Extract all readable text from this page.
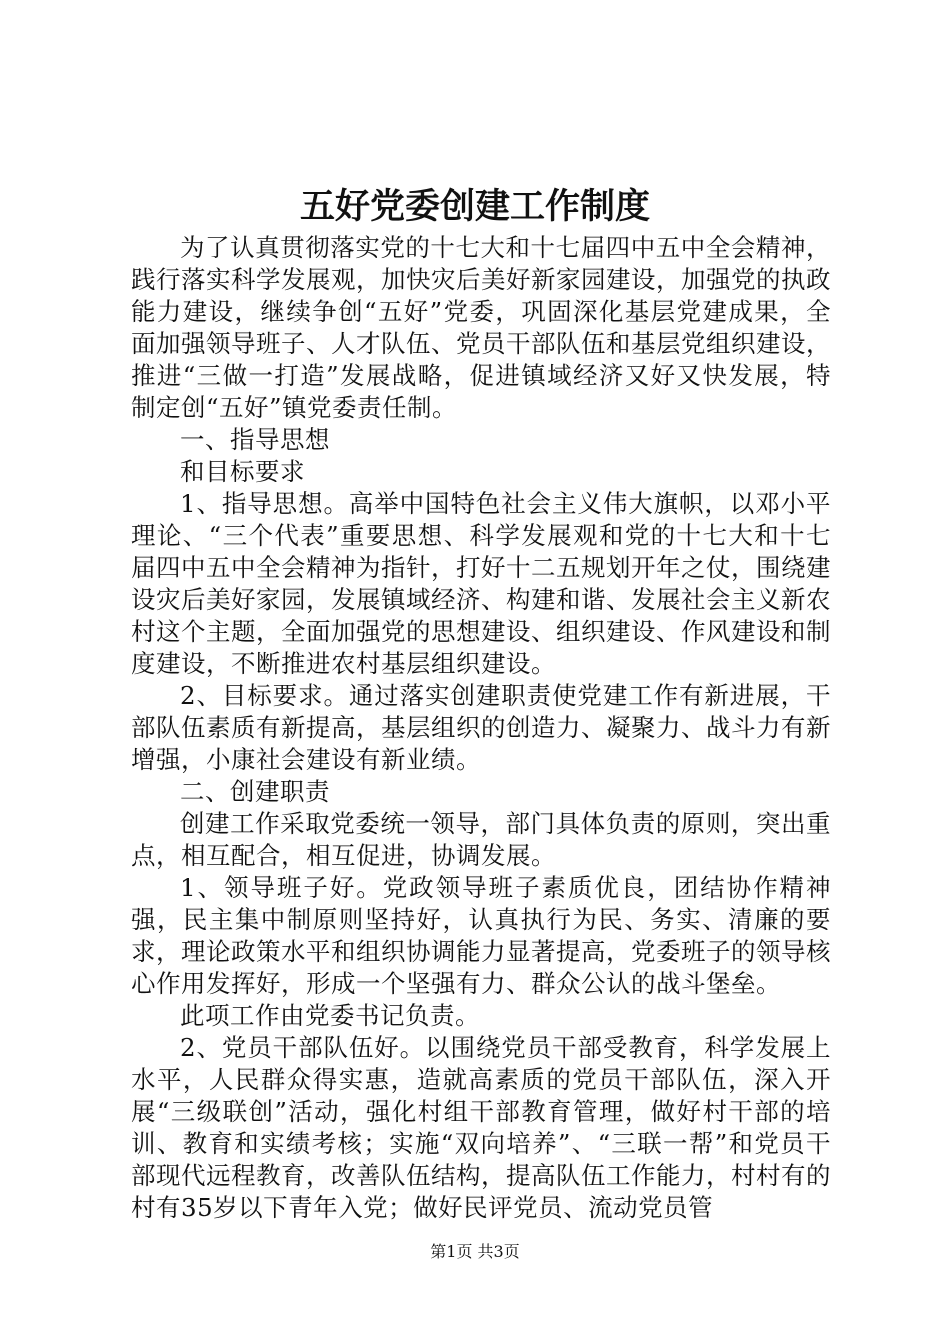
五好党委创建工作制度

为了认真贯彻落实党的十七大和十七届四中五中全会精神，践行落实科学发展观，加快灾后美好新家园建设，加强党的执政能力建设，继续争创“五好”党委，巩固深化基层党建成果，全面加强领导班子、人才队伍、党员干部队伍和基层党组织建设，推进“三做一打造”发展战略，促进镇域经济又好又快发展，特制定创“五好”镇党委责任制。

一、指导思想

和目标要求

1、指导思想。高举中国特色社会主义伟大旗帜，以邓小平理论、“三个代表”重要思想、科学发展观和党的十七大和十七届四中五中全会精神为指针，打好十二五规划开年之仗，围绕建设灾后美好家园，发展镇域经济、构建和谐、发展社会主义新农村这个主题，全面加强党的思想建设、组织建设、作风建设和制度建设，不断推进农村基层组织建设。

2、目标要求。通过落实创建职责使党建工作有新进展，干部队伍素质有新提高，基层组织的创造力、凝聚力、战斗力有新增强，小康社会建设有新业绩。

二、创建职责

创建工作采取党委统一领导，部门具体负责的原则，突出重点，相互配合，相互促进，协调发展。

1、领导班子好。党政领导班子素质优良，团结协作精神强，民主集中制原则坚持好，认真执行为民、务实、清廉的要求，理论政策水平和组织协调能力显著提高，党委班子的领导核心作用发挥好，形成一个坚强有力、群众公认的战斗堡垒。

此项工作由党委书记负责。

2、党员干部队伍好。以围绕党员干部受教育，科学发展上水平，人民群众得实惠，造就高素质的党员干部队伍，深入开展“三级联创”活动，强化村组干部教育管理，做好村干部的培训、教育和实绩考核；实施“双向培养”、“三联一帮”和党员干部现代远程教育，改善队伍结构，提高队伍工作能力，村村有的村有35岁以下青年入党；做好民评党员、流动党员管

第1页 共3页
